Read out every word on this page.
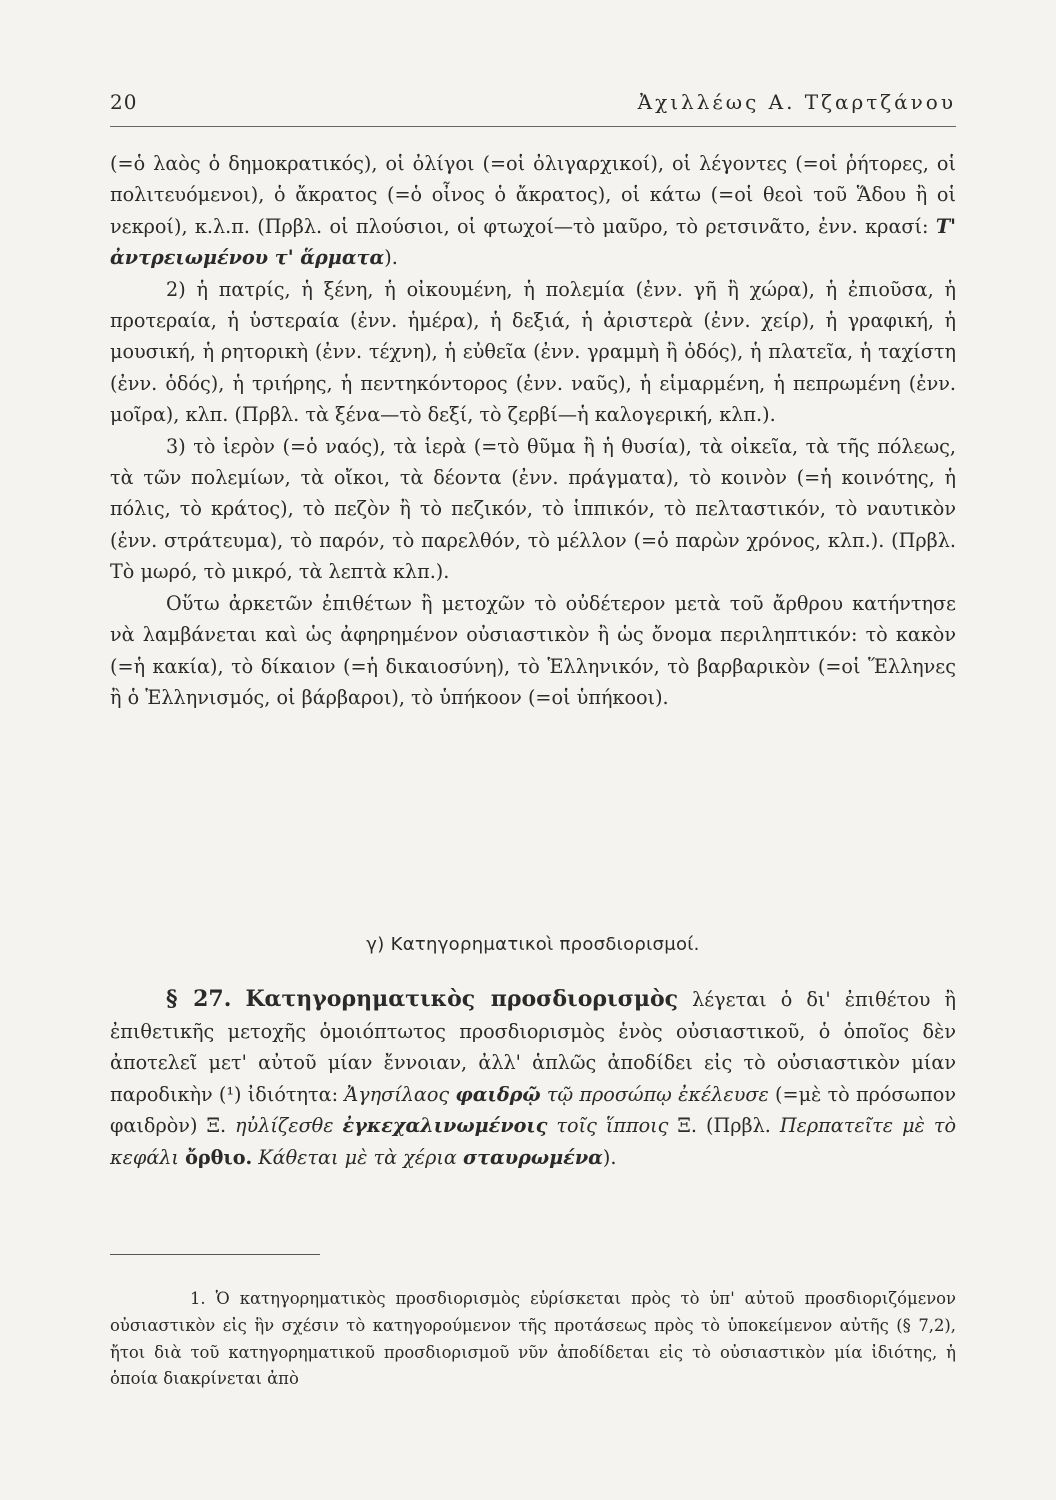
20	Ἀχιλλέως Α. Τζαρτζάνου

(=ὁ λαὸς ὁ δημοκρατικός), οἱ ὀλίγοι (=οἱ ὀλιγαρχικοί), οἱ λέγοντες (=οἱ ῥήτορες, οἱ πολιτευόμενοι), ὁ ἄκρατος (=ὁ οἶνος ὁ ἄκρατος), οἱ κάτω (=οἱ θεοὶ τοῦ Ἅδου ἢ οἱ νεκροί), κ.λ.π. (Πρβλ. οἱ πλούσιοι, οἱ φτωχοί—τὸ μαῦρο, τὸ ρετσινᾶτο, ἐνν. κρασί: Τ' ἀντρειωμένου τ' ἅρματα).

2) ἡ πατρίς, ἡ ξένη, ἡ οἰκουμένη, ἡ πολεμία (ἐνν. γῆ ἢ χώρα), ἡ ἐπιοῦσα, ἡ προτεραία, ἡ ὑστεραία (ἐνν. ἡμέρα), ἡ δεξιά, ἡ ἀριστερὰ (ἐνν. χείρ), ἡ γραφική, ἡ μουσική, ἡ ρητορικὴ (ἐνν. τέχνη), ἡ εὐθεῖα (ἐνν. γραμμὴ ἢ ὁδός), ἡ πλατεῖα, ἡ ταχίστη (ἐνν. ὁδός), ἡ τριήρης, ἡ πεντηκόντορος (ἐνν. ναῦς), ἡ εἱμαρμένη, ἡ πεπρωμένη (ἐνν. μοῖρα), κλπ. (Πρβλ. τὰ ξένα—τὸ δεξί, τὸ ζερβί—ἡ καλογερική, κλπ.).

3) τὸ ἱερὸν (=ὁ ναός), τὰ ἱερὰ (=τὸ θῦμα ἢ ἡ θυσία), τὰ οἰκεῖα, τὰ τῆς πόλεως, τὰ τῶν πολεμίων, τὰ οἴκοι, τὰ δέοντα (ἐνν. πράγματα), τὸ κοινὸν (=ἡ κοινότης, ἡ πόλις, τὸ κράτος), τὸ πεζὸν ἢ τὸ πεζικόν, τὸ ἱππικόν, τὸ πελταστικόν, τὸ ναυτικὸν (ἐνν. στράτευμα), τὸ παρόν, τὸ παρελθόν, τὸ μέλλον (=ὁ παρὼν χρόνος, κλπ.). (Πρβλ. Τὸ μωρό, τὸ μικρό, τὰ λεπτὰ κλπ.).

Οὕτω ἀρκετῶν ἐπιθέτων ἢ μετοχῶν τὸ οὐδέτερον μετὰ τοῦ ἄρθρου κατήντησε νὰ λαμβάνεται καὶ ὡς ἀφηρημένον οὐσιαστικὸν ἢ ὡς ὄνομα περιληπτικόν: τὸ κακὸν (=ἡ κακία), τὸ δίκαιον (=ἡ δικαιοσύνη), τὸ Ἑλληνικόν, τὸ βαρβαρικὸν (=οἱ Ἕλληνες ἢ ὁ Ἑλληνισμός, οἱ βάρβαροι), τὸ ὑπήκοον (=οἱ ὑπήκοοι).

γ) Κατηγορηματικοὶ προσδιορισμοί.

§ 27. Κατηγορηματικὸς προσδιορισμὸς λέγεται ὁ δι' ἐπιθέτου ἢ ἐπιθετικῆς μετοχῆς ὁμοιόπτωτος προσδιορισμὸς ἑνὸς οὐσιαστικοῦ, ὁ ὁποῖος δὲν ἀποτελεῖ μετ' αὐτοῦ μίαν ἔννοιαν, ἀλλ' ἁπλῶς ἀποδίδει εἰς τὸ οὐσιαστικὸν μίαν παροδικὴν (¹) ἰδιότητα: Ἀγησίλαος φαιδρῷ τῷ προσώπῳ ἐκέλευσε (=μὲ τὸ πρόσωπον φαιδρὸν) Ξ. ηὐλίζεσθε ἐγκεχαλινωμένοις τοῖς ἵπποις Ξ. (Πρβλ. Περπατεῖτε μὲ τὸ κεφάλι ὄρθιο. Κάθεται μὲ τὰ χέρια σταυρωμένα).

1. Ὁ κατηγορηματικὸς προσδιορισμὸς εὑρίσκεται πρὸς τὸ ὑπ' αὐτοῦ προσδιοριζόμενον οὐσιαστικὸν εἰς ἣν σχέσιν τὸ κατηγορούμενον τῆς προτάσεως πρὸς τὸ ὑποκείμενον αὐτῆς (§ 7,2), ἤτοι διὰ τοῦ κατηγορηματικοῦ προσδιορισμοῦ νῦν ἀποδίδεται εἰς τὸ οὐσιαστικὸν μία ἰδιότης, ἡ ὁποία διακρίνεται ἀπὸ
